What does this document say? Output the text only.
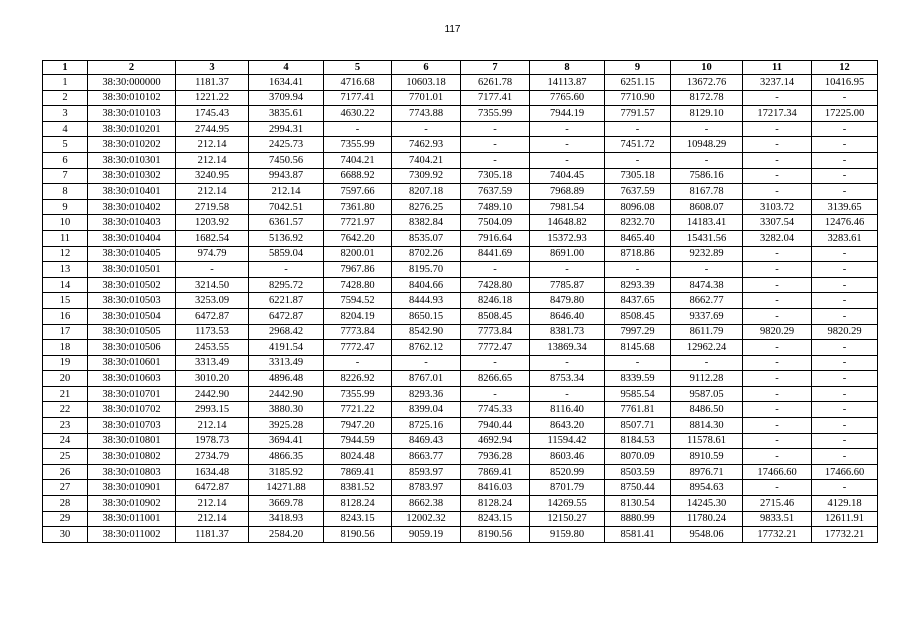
117
1	2	3	4	5	6	7	8	9	10	11	12
1	38:30:000000	1181.37	1634.41	4716.68	10603.18	6261.78	14113.87	6251.15	13672.76	3237.14	10416.95
2	38:30:010102	1221.22	3709.94	7177.41	7701.01	7177.41	7765.60	7710.90	8172.78	-	-
3	38:30:010103	1745.43	3835.61	4630.22	7743.88	7355.99	7944.19	7791.57	8129.10	17217.34	17225.00
4	38:30:010201	2744.95	2994.31	-	-	-	-	-	-	-	-
5	38:30:010202	212.14	2425.73	7355.99	7462.93	-	-	7451.72	10948.29	-	-
6	38:30:010301	212.14	7450.56	7404.21	7404.21	-	-	-	-	-	-
7	38:30:010302	3240.95	9943.87	6688.92	7309.92	7305.18	7404.45	7305.18	7586.16	-	-
8	38:30:010401	212.14	212.14	7597.66	8207.18	7637.59	7968.89	7637.59	8167.78	-	-
9	38:30:010402	2719.58	7042.51	7361.80	8276.25	7489.10	7981.54	8096.08	8608.07	3103.72	3139.65
10	38:30:010403	1203.92	6361.57	7721.97	8382.84	7504.09	14648.82	8232.70	14183.41	3307.54	12476.46
11	38:30:010404	1682.54	5136.92	7642.20	8535.07	7916.64	15372.93	8465.40	15431.56	3282.04	3283.61
12	38:30:010405	974.79	5859.04	8200.01	8702.26	8441.69	8691.00	8718.86	9232.89	-	-
13	38:30:010501	-	-	7967.86	8195.70	-	-	-	-	-	-
14	38:30:010502	3214.50	8295.72	7428.80	8404.66	7428.80	7785.87	8293.39	8474.38	-	-
15	38:30:010503	3253.09	6221.87	7594.52	8444.93	8246.18	8479.80	8437.65	8662.77	-	-
16	38:30:010504	6472.87	6472.87	8204.19	8650.15	8508.45	8646.40	8508.45	9337.69	-	-
17	38:30:010505	1173.53	2968.42	7773.84	8542.90	7773.84	8381.73	7997.29	8611.79	9820.29	9820.29
18	38:30:010506	2453.55	4191.54	7772.47	8762.12	7772.47	13869.34	8145.68	12962.24	-	-
19	38:30:010601	3313.49	3313.49	-	-	-	-	-	-	-	-
20	38:30:010603	3010.20	4896.48	8226.92	8767.01	8266.65	8753.34	8339.59	9112.28	-	-
21	38:30:010701	2442.90	2442.90	7355.99	8293.36	-	-	9585.54	9587.05	-	-
22	38:30:010702	2993.15	3880.30	7721.22	8399.04	7745.33	8116.40	7761.81	8486.50	-	-
23	38:30:010703	212.14	3925.28	7947.20	8725.16	7940.44	8643.20	8507.71	8814.30	-	-
24	38:30:010801	1978.73	3694.41	7944.59	8469.43	4692.94	11594.42	8184.53	11578.61	-	-
25	38:30:010802	2734.79	4866.35	8024.48	8663.77	7936.28	8603.46	8070.09	8910.59	-	-
26	38:30:010803	1634.48	3185.92	7869.41	8593.97	7869.41	8520.99	8503.59	8976.71	17466.60	17466.60
27	38:30:010901	6472.87	14271.88	8381.52	8783.97	8416.03	8701.79	8750.44	8954.63	-	-
28	38:30:010902	212.14	3669.78	8128.24	8662.38	8128.24	14269.55	8130.54	14245.30	2715.46	4129.18
29	38:30:011001	212.14	3418.93	8243.15	12002.32	8243.15	12150.27	8880.99	11780.24	9833.51	12611.91
30	38:30:011002	1181.37	2584.20	8190.56	9059.19	8190.56	9159.80	8581.41	9548.06	17732.21	17732.21
